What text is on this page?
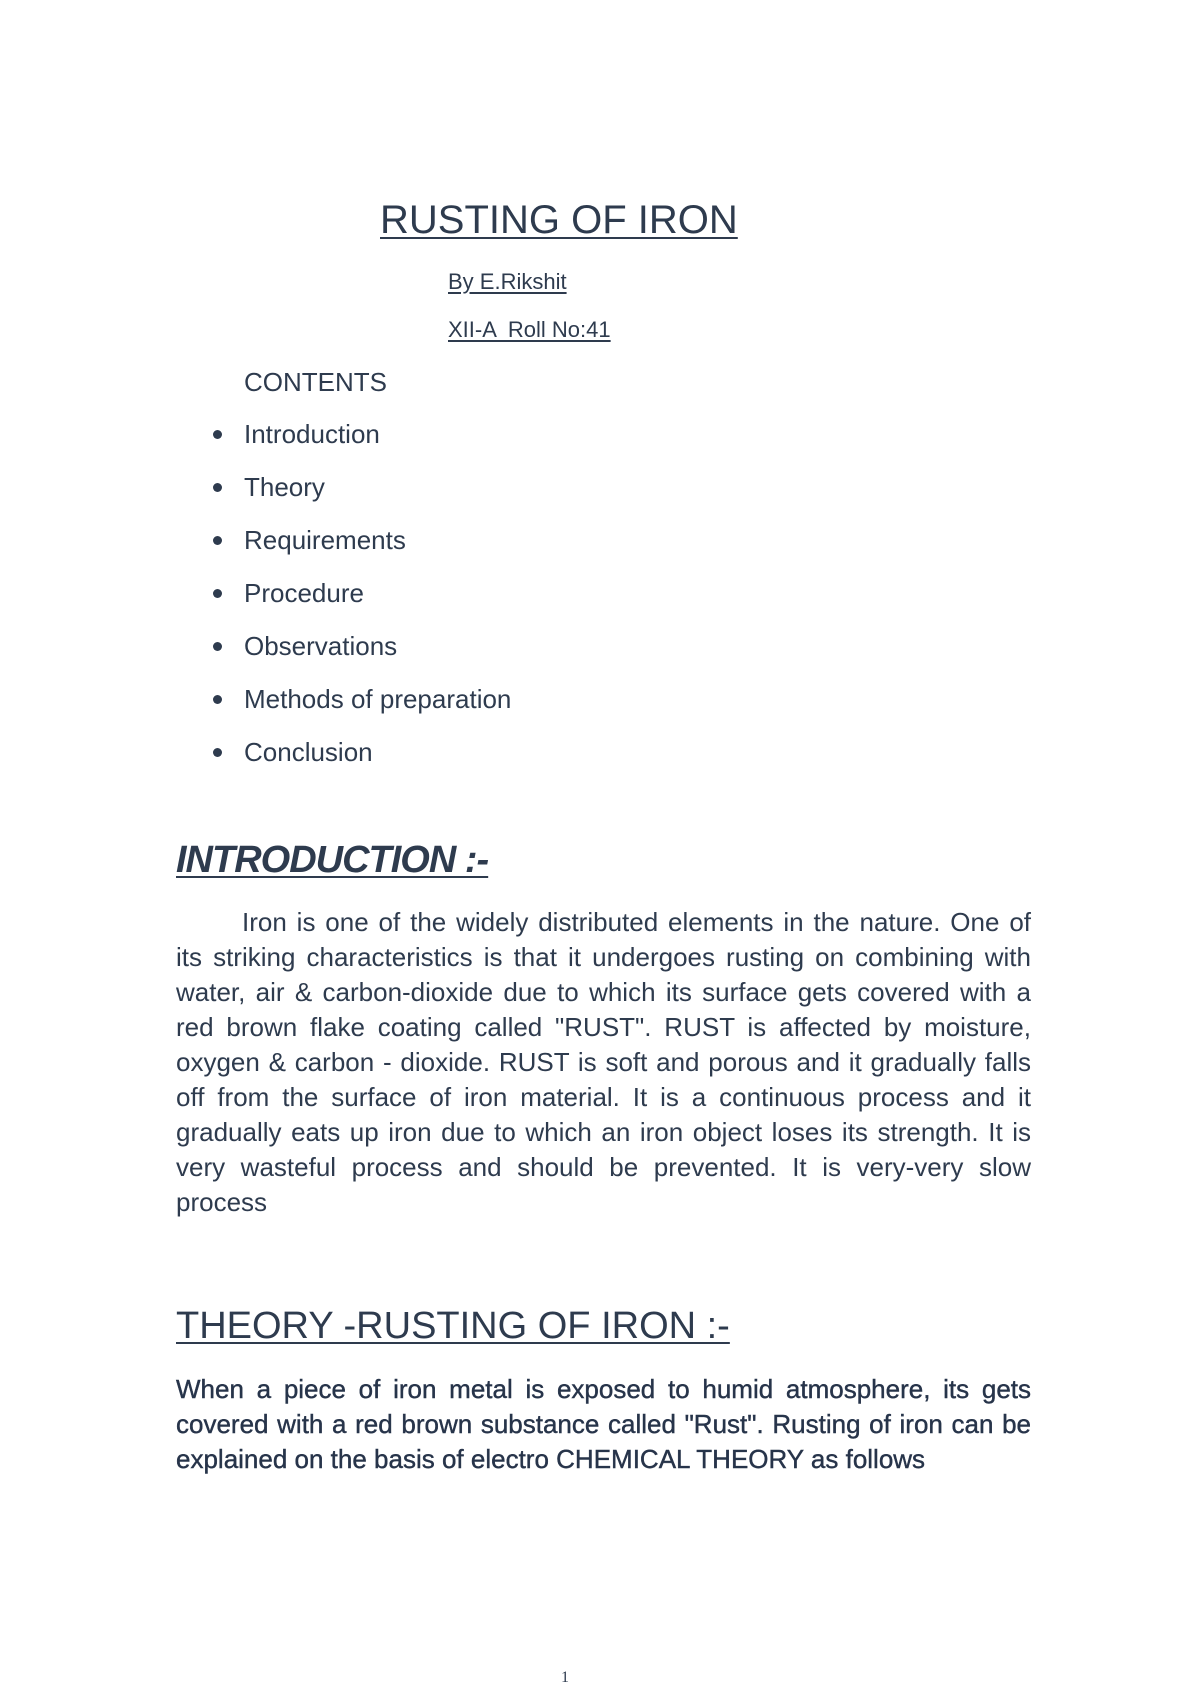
RUSTING OF IRON
By E.Rikshit
XII-A  Roll No:41
CONTENTS
Introduction
Theory
Requirements
Procedure
Observations
Methods of preparation
Conclusion
INTRODUCTION :-

Iron is one of the widely distributed elements in the nature. One of its striking characteristics is that it undergoes rusting on combining with water, air & carbon-dioxide due to which its surface gets covered with a red brown flake coating called "RUST". RUST is affected by moisture, oxygen & carbon - dioxide. RUST is soft and porous and it gradually falls off from the surface of iron material. It is a continuous process and it gradually eats up iron due to which an iron object loses its strength. It is very wasteful process and should be prevented. It is very-very slow process

THEORY -RUSTING OF IRON :-

When a piece of iron metal is exposed to humid atmosphere, its gets covered with a red brown substance called "Rust". Rusting of iron can be explained on the basis of electro CHEMICAL THEORY as follows

1
